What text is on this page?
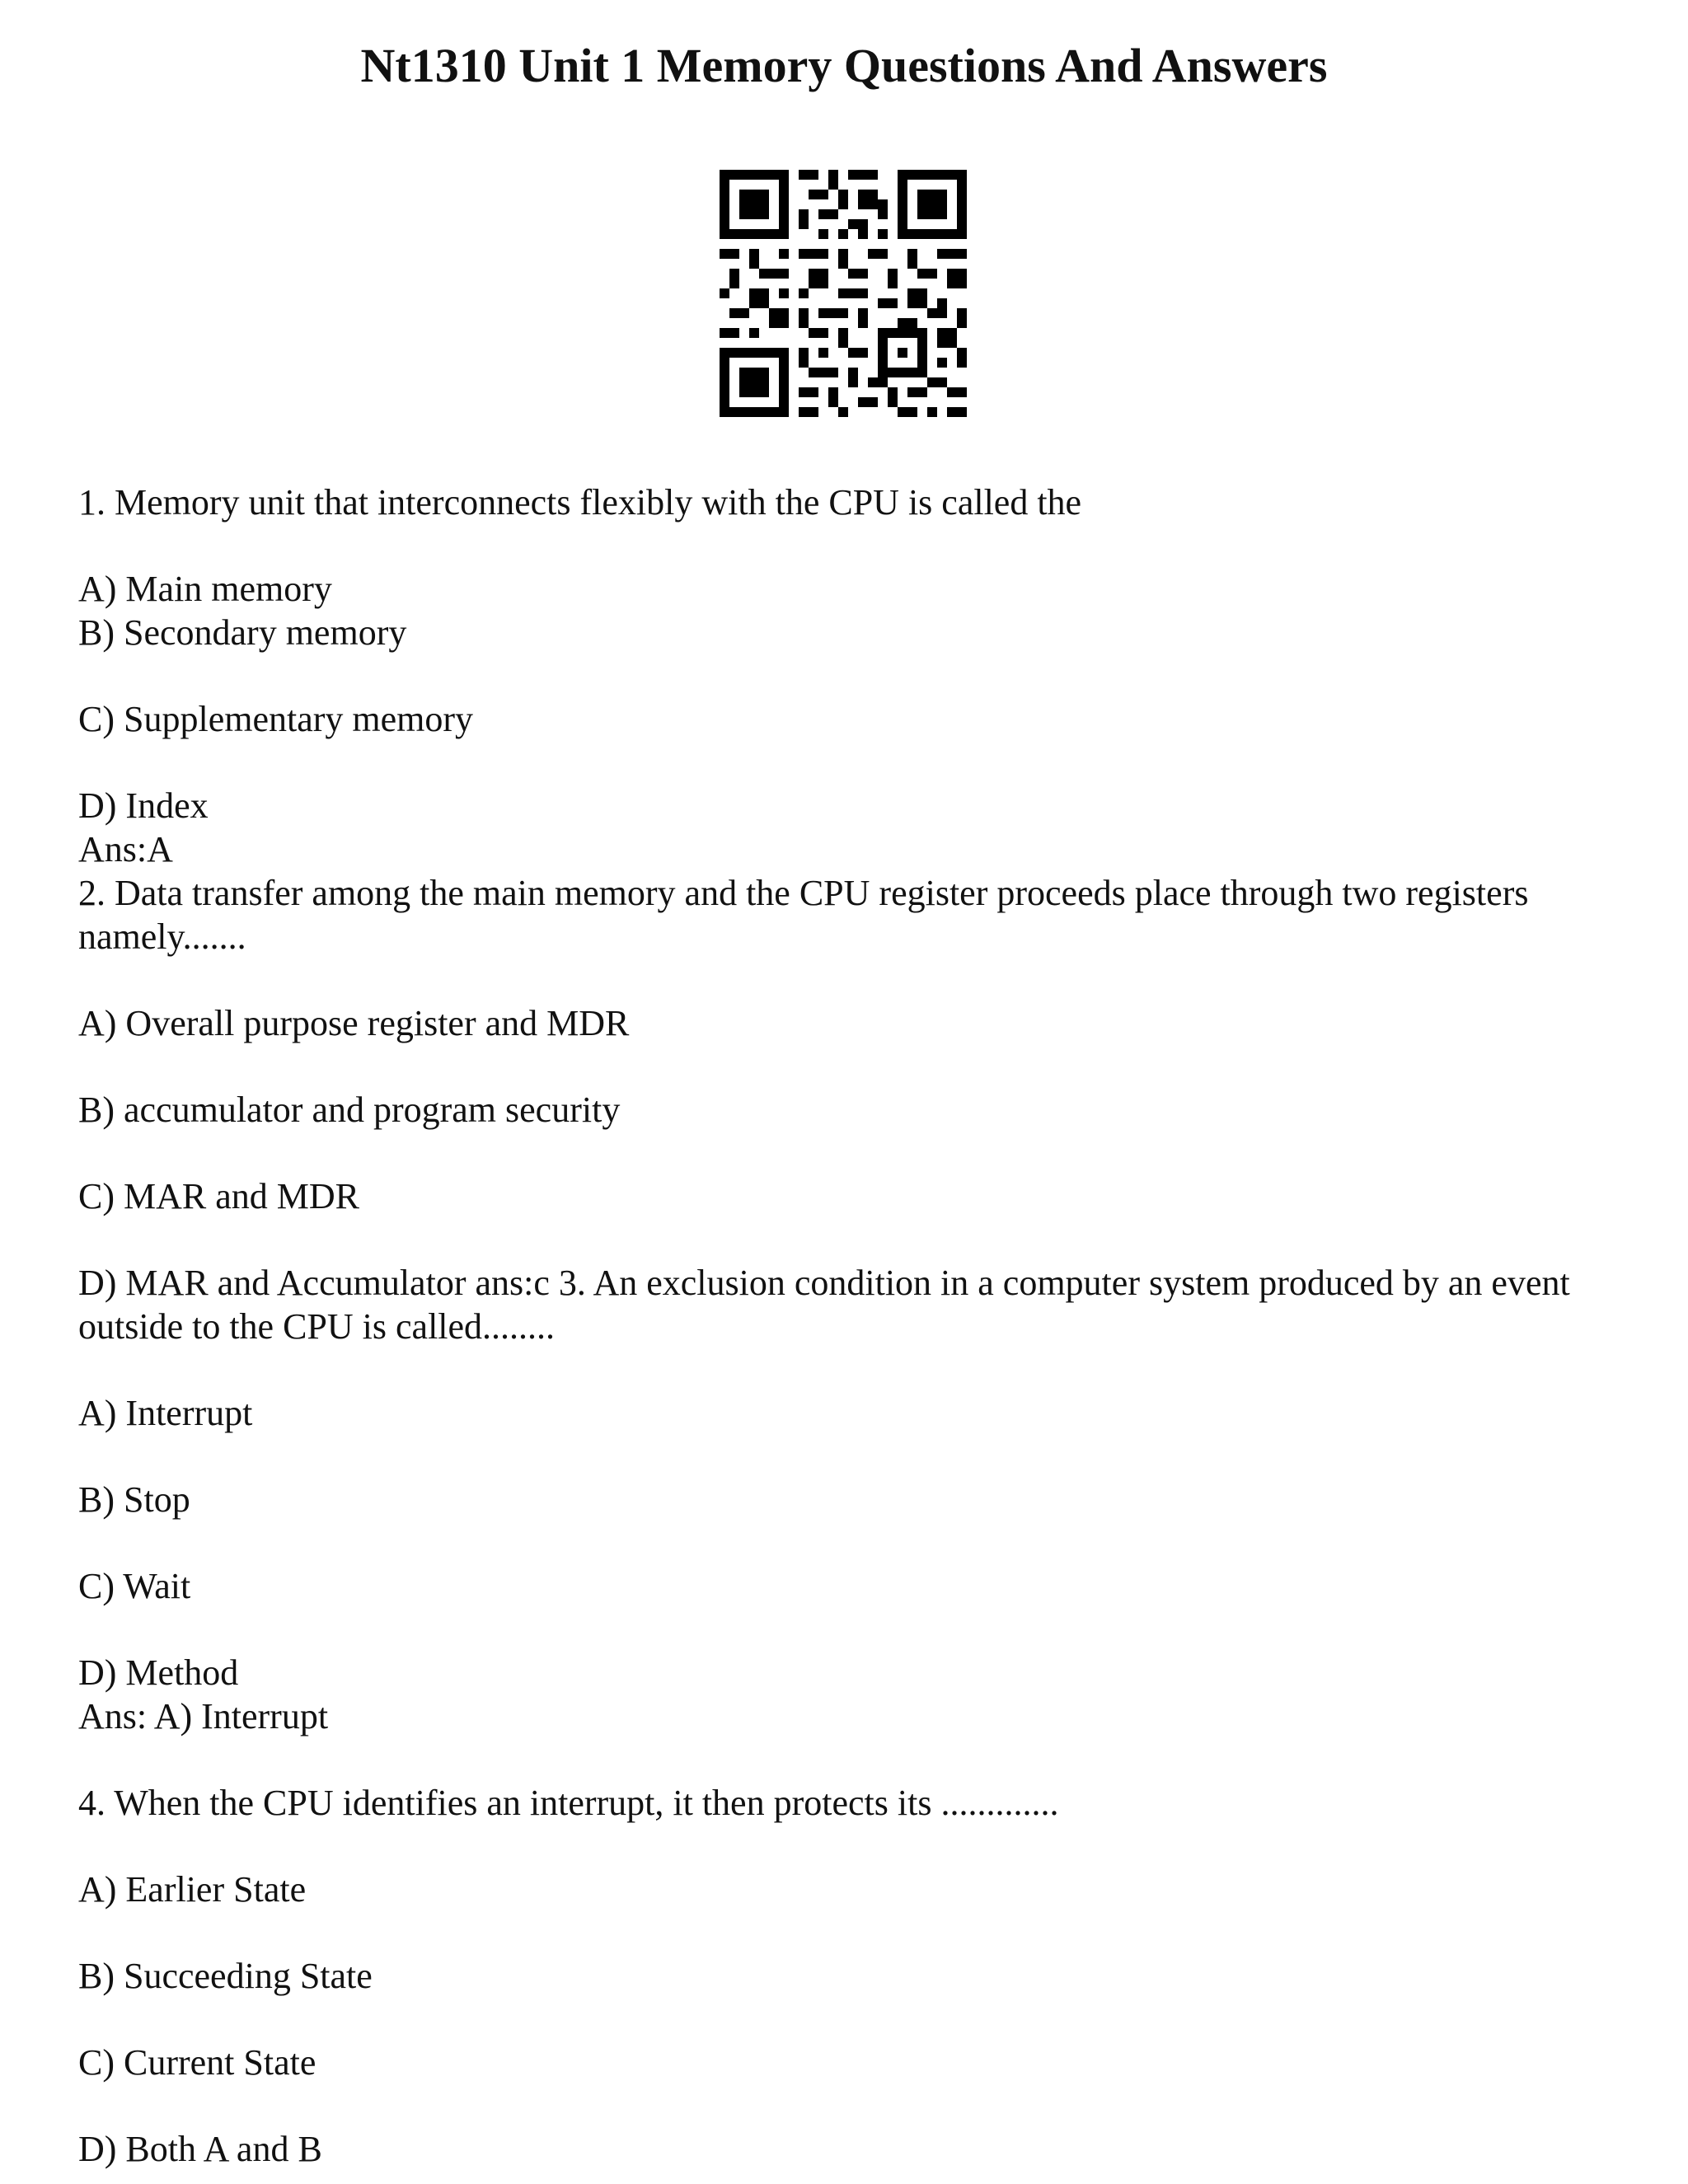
Nt1310 Unit 1 Memory Questions And Answers
1. Memory unit that interconnects flexibly with the CPU is called the
A) Main memory
B) Secondary memory
C) Supplementary memory
D) Index
Ans:A
2. Data transfer among the main memory and the CPU register proceeds place through two registers namely.......
A) Overall purpose register and MDR
B) accumulator and program security
C) MAR and MDR
D) MAR and Accumulator ans:c 3. An exclusion condition in a computer system produced by an event outside to the CPU is called........
A) Interrupt
B) Stop
C) Wait
D) Method
Ans: A) Interrupt
4. When the CPU identifies an interrupt, it then protects its .............
A) Earlier State
B) Succeeding State
C) Current State
D) Both A and B
